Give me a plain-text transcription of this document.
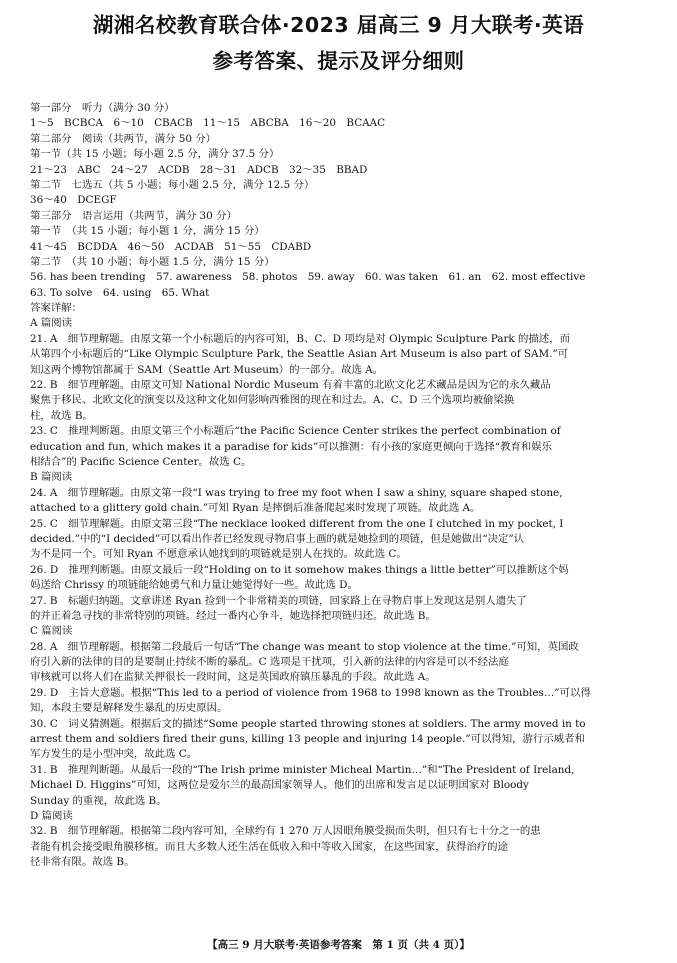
湖湘名校教育联合体·2023 届高三 9 月大联考·英语
参考答案、提示及评分细则
第一部分　听力（满分 30 分）
1～5　BCBCA　6～10　CBACB　11～15　ABCBA　16～20　BCAAC
第二部分　阅读（共两节，满分 50 分）
第一节（共 15 小题；每小题 2.5 分，满分 37.5 分）
21～23　ABC　24～27　ACDB　28～31　ADCB　32～35　BBAD
第二节　七选五（共 5 小题；每小题 2.5 分，满分 12.5 分）
36～40　DCEGF
第三部分　语言运用（共两节，满分 30 分）
第一节　（共 15 小题；每小题 1 分，满分 15 分）
41～45　BCDDA　46～50　ACDAB　51～55　CDABD
第二节　（共 10 小题；每小题 1.5 分，满分 15 分）
56. has been trending　57. awareness　58. photos　59. away　60. was taken　61. an　62. most effective
63. To solve　64. using　65. What
答案详解：
A 篇阅读
21. A　细节理解题。由原文第一个小标题后的内容可知，B、C、D 项均是对 Olympic Sculpture Park 的描述，而
从第四个小标题后的“Like Olympic Sculpture Park, the Seattle Asian Art Museum is also part of SAM.”可
知这两个博物馆都属于 SAM（Seattle Art Museum）的一部分。故选 A。
22. B　细节理解题。由原文可知 National Nordic Museum 有着丰富的北欧文化艺术藏品是因为它的永久藏品
聚焦于移民、北欧文化的演变以及这种文化如何影响西雅图的现在和过去。A、C、D 三个选项均被偷梁换
柱，故选 B。
23. C　推理判断题。由原文第三个小标题后“the Pacific Science Center strikes the perfect combination of
education and fun, which makes it a paradise for kids”可以推测：有小孩的家庭更倾向于选择“教育和娱乐
相结合”的 Pacific Science Center。故选 C。
B 篇阅读
24. A　细节理解题。由原文第一段“I was trying to free my foot when I saw a shiny, square shaped stone,
attached to a glittery gold chain.”可知 Ryan 是摔倒后准备爬起来时发现了项链。故此选 A。
25. C　细节理解题。由原文第三段“The necklace looked different from the one I clutched in my pocket, I
decided.”中的“I decided”可以看出作者已经发现寻物启事上画的就是她捡到的项链，但是她做出“决定”认
为不是同一个。可知 Ryan 不愿意承认她找到的项链就是别人在找的。故此选 C。
26. D　推理判断题。由原文最后一段“Holding on to it somehow makes things a little better”可以推断这个妈
妈送给 Chrissy 的项链能给她勇气和力量让她觉得好一些。故此选 D。
27. B　标题归纳题。文章讲述 Ryan 捡到一个非常精美的项链，回家路上在寻物启事上发现这是别人遗失了
的并正着急寻找的非常特别的项链。经过一番内心争斗，她选择把项链归还。故此选 B。
C 篇阅读
28. A　细节理解题。根据第二段最后一句话“The change was meant to stop violence at the time.”可知，英国政
府引入新的法律的目的是要制止持续不断的暴乱。C 选项是干扰项，引入新的法律的内容是可以不经法庭
审核就可以将人们在监狱关押很长一段时间，这是英国政府镇压暴乱的手段。故此选 A。
29. D　主旨大意题。根据“This led to a period of violence from 1968 to 1998 known as the Troubles…”可以得
知，本段主要是解释发生暴乱的历史原因。
30. C　词义猜测题。根据后文的描述“Some people started throwing stones at soldiers. The army moved in to
arrest them and soldiers fired their guns, killing 13 people and injuring 14 people.”可以得知，游行示威者和
军方发生的是小型冲突，故此选 C。
31. B　推理判断题。从最后一段的“The Irish prime minister Micheal Martin…”和“The President of Ireland,
Michael D. Higgins”可知，这两位是爱尔兰的最高国家领导人。他们的出席和发言足以证明国家对 Bloody
Sunday 的重视，故此选 B。
D 篇阅读
32. B　细节理解题。根据第二段内容可知，全球约有 1 270 万人因眼角膜受损而失明，但只有七十分之一的患
者能有机会接受眼角膜移植。而且大多数人还生活在低收入和中等收入国家，在这些国家，获得治疗的途
径非常有限。故选 B。
【高三 9 月大联考·英语参考答案　第 1 页（共 4 页）】
